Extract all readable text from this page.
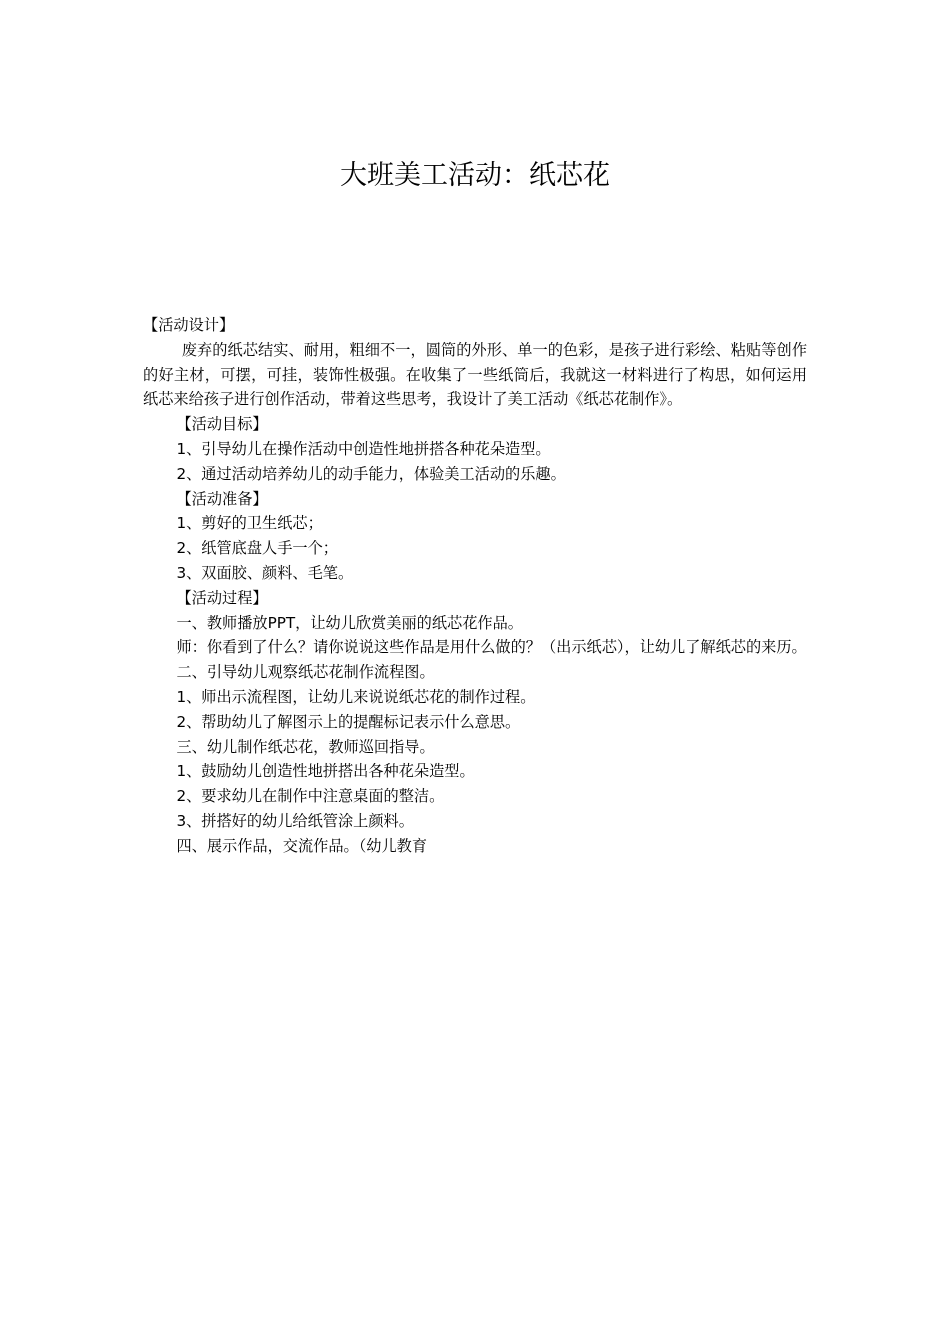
大班美工活动：纸芯花

【活动设计】

废弃的纸芯结实、耐用，粗细不一，圆筒的外形、单一的色彩，是孩子进行彩绘、粘贴等创作的好主材，可摆，可挂，装饰性极强。在收集了一些纸筒后，我就这一材料进行了构思，如何运用纸芯来给孩子进行创作活动，带着这些思考，我设计了美工活动《纸芯花制作》。

【活动目标】

1、引导幼儿在操作活动中创造性地拼搭各种花朵造型。

2、通过活动培养幼儿的动手能力，体验美工活动的乐趣。

【活动准备】

1、剪好的卫生纸芯；

2、纸管底盘人手一个；

3、双面胶、颜料、毛笔。

【活动过程】

一、教师播放PPT，让幼儿欣赏美丽的纸芯花作品。

师：你看到了什么？请你说说这些作品是用什么做的？（出示纸芯），让幼儿了解纸芯的来历。

二、引导幼儿观察纸芯花制作流程图。

1、师出示流程图，让幼儿来说说纸芯花的制作过程。

2、帮助幼儿了解图示上的提醒标记表示什么意思。

三、幼儿制作纸芯花，教师巡回指导。

1、鼓励幼儿创造性地拼搭出各种花朵造型。

2、要求幼儿在制作中注意桌面的整洁。

3、拼搭好的幼儿给纸管涂上颜料。

四、展示作品，交流作品。（幼儿教育
